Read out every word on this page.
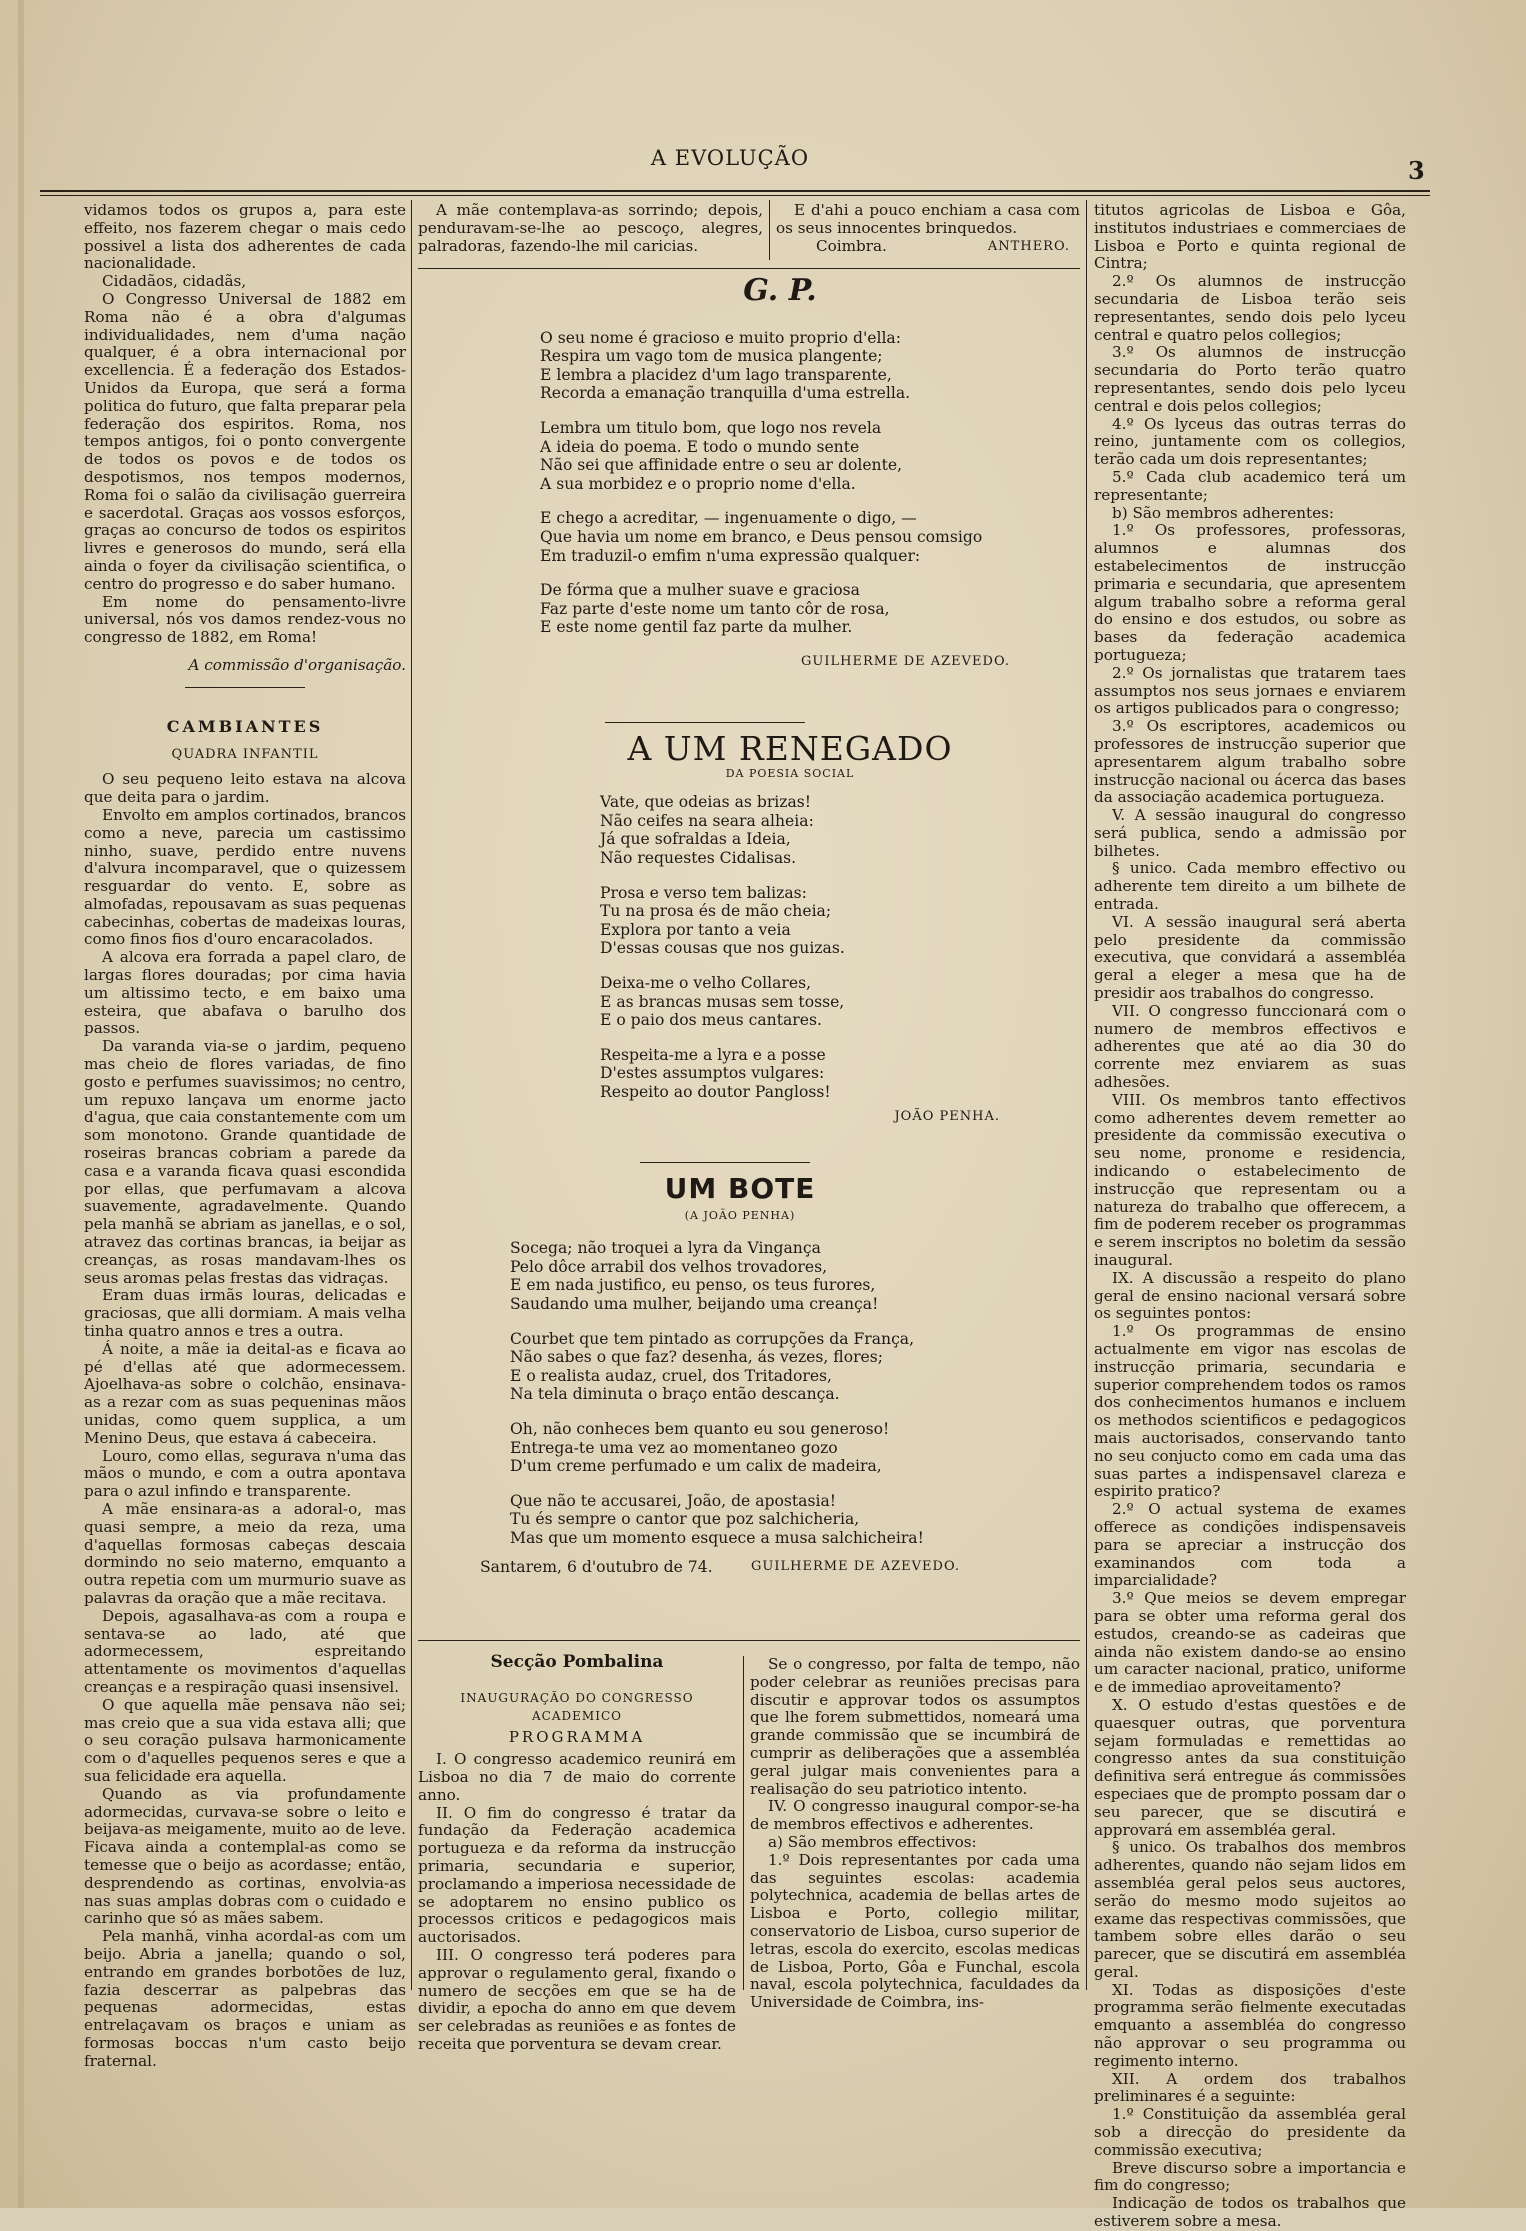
A EVOLUÇÃO	3

vidamos todos os grupos a, para este effeito, nos fazerem chegar o mais cedo possivel a lista dos adherentes de cada nacionalidade.

Cidadãos, cidadãs,

O Congresso Universal de 1882 em Roma não é a obra d'algumas individualidades, nem d'uma nação qualquer, é a obra internacional por excellencia. É a federação dos Estados-Unidos da Europa, que será a forma politica do futuro, que falta preparar pela federação dos espiritos. Roma, nos tempos antigos, foi o ponto convergente de todos os povos e de todos os despotismos, nos tempos modernos, Roma foi o salão da civilisação guerreira e sacerdotal. Graças aos vossos esforços, graças ao concurso de todos os espiritos livres e generosos do mundo, será ella ainda o foyer da civilisação scientifica, o centro do progresso e do saber humano.

Em nome do pensamento-livre universal, nós vos damos rendez-vous no congresso de 1882, em Roma!

A commissão d'organisação.
CAMBIANTES
QUADRA INFANTIL

O seu pequeno leito estava na alcova que deita para o jardim.

Envolto em amplos cortinados, brancos como a neve, parecia um castissimo ninho, suave, perdido entre nuvens d'alvura incomparavel, que o quizessem resguardar do vento. E, sobre as almofadas, repousavam as suas pequenas cabecinhas, cobertas de madeixas louras, como finos fios d'ouro encaracolados.

A alcova era forrada a papel claro, de largas flores douradas; por cima havia um altissimo tecto, e em baixo uma esteira, que abafava o barulho dos passos.

Da varanda via-se o jardim, pequeno mas cheio de flores variadas, de fino gosto e perfumes suavissimos; no centro, um repuxo lançava um enorme jacto d'agua, que caia constantemente com um som monotono. Grande quantidade de roseiras brancas cobriam a parede da casa e a varanda ficava quasi escondida por ellas, que perfumavam a alcova suavemente, agradavelmente. Quando pela manhã se abriam as janellas, e o sol, atravez das cortinas brancas, ia beijar as creanças, as rosas mandavam-lhes os seus aromas pelas frestas das vidraças.

Eram duas irmãs louras, delicadas e graciosas, que alli dormiam. A mais velha tinha quatro annos e tres a outra.

Á noite, a mãe ia deital-as e ficava ao pé d'ellas até que adormecessem. Ajoelhava-as sobre o colchão, ensinava-as a rezar com as suas pequeninas mãos unidas, como quem supplica, a um Menino Deus, que estava á cabeceira.

Louro, como ellas, segurava n'uma das mãos o mundo, e com a outra apontava para o azul infindo e transparente.

A mãe ensinara-as a adoral-o, mas quasi sempre, a meio da reza, uma d'aquellas formosas cabeças descaia dormindo no seio materno, emquanto a outra repetia com um murmurio suave as palavras da oração que a mãe recitava.

Depois, agasalhava-as com a roupa e sentava-se ao lado, até que adormecessem, espreitando attentamente os movimentos d'aquellas creanças e a respiração quasi insensivel.

O que aquella mãe pensava não sei; mas creio que a sua vida estava alli; que o seu coração pulsava harmonicamente com o d'aquelles pequenos seres e que a sua felicidade era aquella.

Quando as via profundamente adormecidas, curvava-se sobre o leito e beijava-as meigamente, muito ao de leve. Ficava ainda a contemplal-as como se temesse que o beijo as acordasse; então, desprendendo as cortinas, envolvia-as nas suas amplas dobras com o cuidado e carinho que só as mães sabem.

Pela manhã, vinha acordal-as com um beijo. Abria a janella; quando o sol, entrando em grandes borbotões de luz, fazia descerrar as palpebras das pequenas adormecidas, estas entrelaçavam os braços e uniam as formosas boccas n'um casto beijo fraternal.

A mãe contemplava-as sorrindo; depois, penduravam-se-lhe ao pescoço, alegres, palradoras, fazendo-lhe mil caricias.

E d'ahi a pouco enchiam a casa com os seus innocentes brinquedos.

Coimbra.	ANTHERO.
G. P.
O seu nome é gracioso e muito proprio d'ella:
Respira um vago tom de musica plangente;
E lembra a placidez d'um lago transparente,
Recorda a emanação tranquilla d'uma estrella.
Lembra um titulo bom, que logo nos revela
A ideia do poema. E todo o mundo sente
Não sei que affinidade entre o seu ar dolente,
A sua morbidez e o proprio nome d'ella.
E chego a acreditar, — ingenuamente o digo, —
Que havia um nome em branco, e Deus pensou comsigo
Em traduzil-o emfim n'uma expressão qualquer:
De fórma que a mulher suave e graciosa
Faz parte d'este nome um tanto côr de rosa,
E este nome gentil faz parte da mulher.
GUILHERME DE AZEVEDO.
A UM RENEGADO
DA POESIA SOCIAL
Vate, que odeias as brizas!
Não ceifes na seara alheia:
Já que sofraldas a Ideia,
Não requestes Cidalisas.
Prosa e verso tem balizas:
Tu na prosa és de mão cheia;
Explora por tanto a veia
D'essas cousas que nos guizas.
Deixa-me o velho Collares,
E as brancas musas sem tosse,
E o paio dos meus cantares.
Respeita-me a lyra e a posse
D'estes assumptos vulgares:
Respeito ao doutor Pangloss!
JOÃO PENHA.
UM BOTE
(A JOÃO PENHA)
Socega; não troquei a lyra da Vingança
Pelo dôce arrabil dos velhos trovadores,
E em nada justifico, eu penso, os teus furores,
Saudando uma mulher, beijando uma creança!
Courbet que tem pintado as corrupções da França,
Não sabes o que faz? desenha, ás vezes, flores;
E o realista audaz, cruel, dos Tritadores,
Na tela diminuta o braço então descança.
Oh, não conheces bem quanto eu sou generoso!
Entrega-te uma vez ao momentaneo gozo
D'um creme perfumado e um calix de madeira,
Que não te accusarei, João, de apostasia!
Tu és sempre o cantor que poz salchicheria,
Mas que um momento esquece a musa salchicheira!
Santarem, 6 d'outubro de 74.	GUILHERME DE AZEVEDO.
Secção Pombalina
INAUGURAÇÃO DO CONGRESSO ACADEMICO
PROGRAMMA

I. O congresso academico reunirá em Lisboa no dia 7 de maio do corrente anno.

II. O fim do congresso é tratar da fundação da Federação academica portugueza e da reforma da instrucção primaria, secundaria e superior, proclamando a imperiosa necessidade de se adoptarem no ensino publico os processos criticos e pedagogicos mais auctorisados.

III. O congresso terá poderes para approvar o regulamento geral, fixando o numero de secções em que se ha de dividir, a epocha do anno em que devem ser celebradas as reuniões e as fontes de receita que porventura se devam crear.

Se o congresso, por falta de tempo, não poder celebrar as reuniões precisas para discutir e approvar todos os assumptos que lhe forem submettidos, nomeará uma grande commissão que se incumbirá de cumprir as deliberações que a assembléa geral julgar mais convenientes para a realisação do seu patriotico intento.

IV. O congresso inaugural compor-se-ha de membros effectivos e adherentes.

a) São membros effectivos:

1.º Dois representantes por cada uma das seguintes escolas: academia polytechnica, academia de bellas artes de Lisboa e Porto, collegio militar, conservatorio de Lisboa, curso superior de letras, escola do exercito, escolas medicas de Lisboa, Porto, Gôa e Funchal, escola naval, escola polytechnica, faculdades da Universidade de Coimbra, ins-

titutos agricolas de Lisboa e Gôa, institutos industriaes e commerciaes de Lisboa e Porto e quinta regional de Cintra;

2.º Os alumnos de instrucção secundaria de Lisboa terão seis representantes, sendo dois pelo lyceu central e quatro pelos collegios;

3.º Os alumnos de instrucção secundaria do Porto terão quatro representantes, sendo dois pelo lyceu central e dois pelos collegios;

4.º Os lyceus das outras terras do reino, juntamente com os collegios, terão cada um dois representantes;

5.º Cada club academico terá um representante;

b) São membros adherentes:

1.º Os professores, professoras, alumnos e alumnas dos estabelecimentos de instrucção primaria e secundaria, que apresentem algum trabalho sobre a reforma geral do ensino e dos estudos, ou sobre as bases da federação academica portugueza;

2.º Os jornalistas que tratarem taes assumptos nos seus jornaes e enviarem os artigos publicados para o congresso;

3.º Os escriptores, academicos ou professores de instrucção superior que apresentarem algum trabalho sobre instrucção nacional ou ácerca das bases da associação academica portugueza.

V. A sessão inaugural do congresso será publica, sendo a admissão por bilhetes.

§ unico. Cada membro effectivo ou adherente tem direito a um bilhete de entrada.

VI. A sessão inaugural será aberta pelo presidente da commissão executiva, que convidará a assembléa geral a eleger a mesa que ha de presidir aos trabalhos do congresso.

VII. O congresso funccionará com o numero de membros effectivos e adherentes que até ao dia 30 do corrente mez enviarem as suas adhesões.

VIII. Os membros tanto effectivos como adherentes devem remetter ao presidente da commissão executiva o seu nome, pronome e residencia, indicando o estabelecimento de instrucção que representam ou a natureza do trabalho que offerecem, a fim de poderem receber os programmas e serem inscriptos no boletim da sessão inaugural.

IX. A discussão a respeito do plano geral de ensino nacional versará sobre os seguintes pontos:

1.º Os programmas de ensino actualmente em vigor nas escolas de instrucção primaria, secundaria e superior comprehendem todos os ramos dos conhecimentos humanos e incluem os methodos scientificos e pedagogicos mais auctorisados, conservando tanto no seu conjucto como em cada uma das suas partes a indispensavel clareza e espirito pratico?

2.º O actual systema de exames offerece as condições indispensaveis para se apreciar a instrucção dos examinandos com toda a imparcialidade?

3.º Que meios se devem empregar para se obter uma reforma geral dos estudos, creando-se as cadeiras que ainda não existem dando-se ao ensino um caracter nacional, pratico, uniforme e de immediao aproveitamento?

X. O estudo d'estas questões e de quaesquer outras, que porventura sejam formuladas e remettidas ao congresso antes da sua constituição definitiva será entregue ás commissões especiaes que de prompto possam dar o seu parecer, que se discutirá e approvará em assembléa geral.

§ unico. Os trabalhos dos membros adherentes, quando não sejam lidos em assembléa geral pelos seus auctores, serão do mesmo modo sujeitos ao exame das respectivas commissões, que tambem sobre elles darão o seu parecer, que se discutirá em assembléa geral.

XI. Todas as disposições d'este programma serão fielmente executadas emquanto a assembléa do congresso não approvar o seu programma ou regimento interno.

XII. A ordem dos trabalhos preliminares é a seguinte:

1.º Constituição da assembléa geral sob a direcção do presidente da commissão executiva;

Breve discurso sobre a importancia e fim do congresso;

Indicação de todos os trabalhos que estiverem sobre a mesa.
